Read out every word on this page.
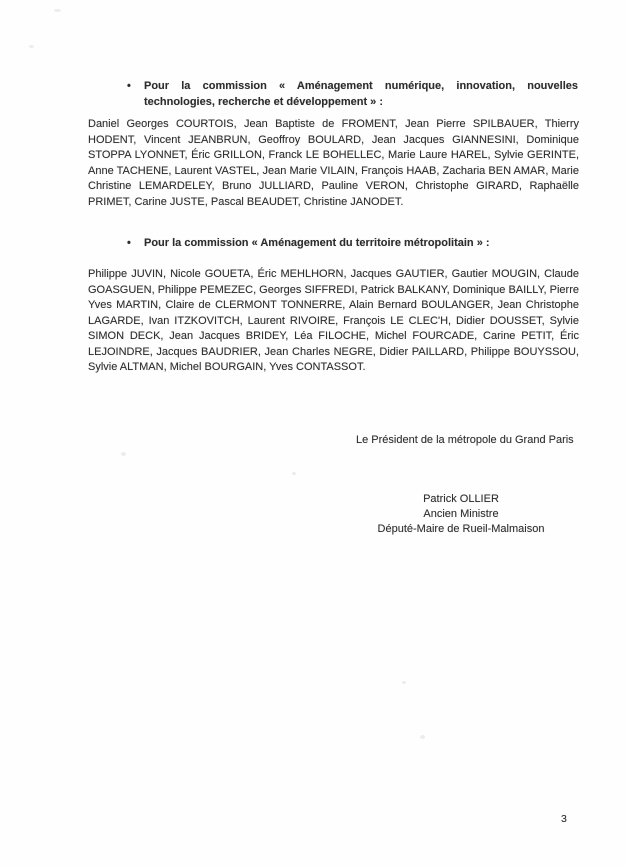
•	Pour la commission « Aménagement numérique, innovation, nouvelles technologies, recherche et développement » :
Daniel Georges COURTOIS, Jean Baptiste de FROMENT, Jean Pierre SPILBAUER, Thierry HODENT, Vincent JEANBRUN, Geoffroy BOULARD, Jean Jacques GIANNESINI, Dominique STOPPA LYONNET, Éric GRILLON, Franck LE BOHELLEC, Marie Laure HAREL, Sylvie GERINTE, Anne TACHENE, Laurent VASTEL, Jean Marie VILAIN, François HAAB, Zacharia BEN AMAR, Marie Christine LEMARDELEY, Bruno JULLIARD, Pauline VERON, Christophe GIRARD, Raphaëlle PRIMET, Carine JUSTE, Pascal BEAUDET, Christine JANODET.
•	Pour la commission « Aménagement du territoire métropolitain » :
Philippe JUVIN, Nicole GOUETA, Éric MEHLHORN, Jacques GAUTIER, Gautier MOUGIN, Claude GOASGUEN, Philippe PEMEZEC, Georges SIFFREDI, Patrick BALKANY, Dominique BAILLY, Pierre Yves MARTIN, Claire de CLERMONT TONNERRE, Alain Bernard BOULANGER, Jean Christophe LAGARDE, Ivan ITZKOVITCH, Laurent RIVOIRE, François LE CLEC'H, Didier DOUSSET, Sylvie SIMON DECK, Jean Jacques BRIDEY, Léa FILOCHE, Michel FOURCADE, Carine PETIT, Éric LEJOINDRE, Jacques BAUDRIER, Jean Charles NEGRE, Didier PAILLARD, Philippe BOUYSSOU, Sylvie ALTMAN, Michel BOURGAIN, Yves CONTASSOT.
Le Président de la métropole du Grand Paris
Patrick OLLIER
Ancien Ministre
Député-Maire de Rueil-Malmaison
3
